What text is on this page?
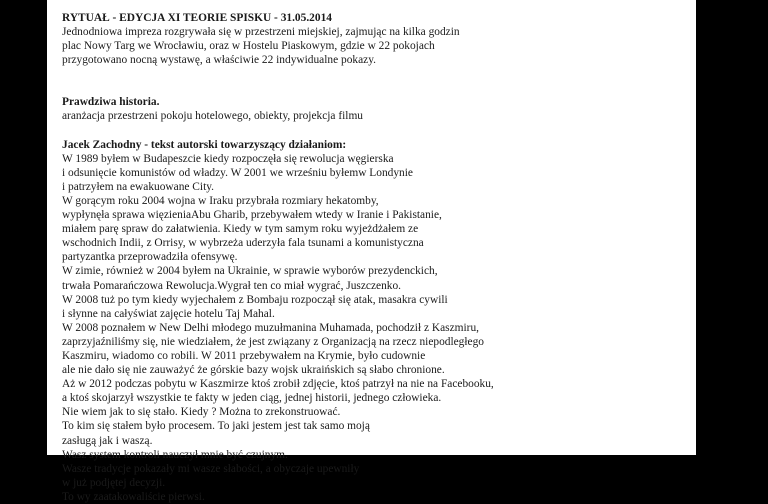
RYTUAŁ - EDYCJA XI TEORIE SPISKU - 31.05.2014
Jednodniowa impreza rozgrywała się w przestrzeni miejskiej, zajmując na kilka godzin
plac Nowy Targ we Wrocławiu, oraz w Hostelu Piaskowym, gdzie w 22 pokojach
przygotowano nocną wystawę, a właściwie 22 indywidualne pokazy.
Prawdziwa historia.
aranżacja przestrzeni pokoju hotelowego, obiekty, projekcja filmu
Jacek Zachodny - tekst autorski towarzyszący działaniom:
W 1989 byłem w Budapeszcie kiedy rozpoczęła się rewolucja węgierska
i odsunięcie komunistów od władzy. W 2001 we wrześniu byłemw Londynie
i patrzyłem na ewakuowane City.
W gorącym roku 2004 wojna w Iraku przybrała rozmiary hekatomby,
wypłynęła sprawa więzieniaAbu Gharib, przebywałem wtedy w Iranie i Pakistanie,
miałem parę spraw do załatwienia. Kiedy w tym samym roku wyjeżdżałem ze
wschodnich Indii, z Orrisy, w wybrzeża uderzyła fala tsunami a komunistyczna
partyzantka przeprowadziła ofensywę.
W zimie, również w 2004 byłem na Ukrainie, w sprawie wyborów prezydenckich,
trwała Pomarańczowa Rewolucja.Wygrał ten co miał wygrać, Juszczenko.
W 2008 tuż po tym kiedy wyjechałem z Bombaju rozpoczął się atak, masakra cywili
i słynne na całyświat zajęcie hotelu Taj Mahal.
W 2008 poznałem w New Delhi młodego muzułmanina Muhamada, pochodził z Kaszmiru,
zaprzyjaźniliśmy się, nie wiedziałem, że jest związany z Organizacją na rzecz niepodległego
Kaszmiru, wiadomo co robili. W 2011 przebywałem na Krymie, było cudownie
ale nie dało się nie zauważyć że górskie bazy wojsk ukraińskich są słabo chronione.
Aż w 2012 podczas pobytu w Kaszmirze ktoś zrobił zdjęcie, ktoś patrzył na nie na Facebooku,
a ktoś skojarzył wszystkie te fakty w jeden ciąg, jednej historii, jednego człowieka.
Nie wiem jak to się stało. Kiedy ? Można to zrekonstruować.
To kim się stałem było procesem. To jaki jestem jest tak samo moją
zasługą jak i waszą.
Wasz system kontroli nauczył mnie być czujnym.
Wasze tradycje pokazały mi wasze słabości, a obyczaje upewniły
w już podjętej decyzji.
To wy zaatakowaliście pierwsi.
